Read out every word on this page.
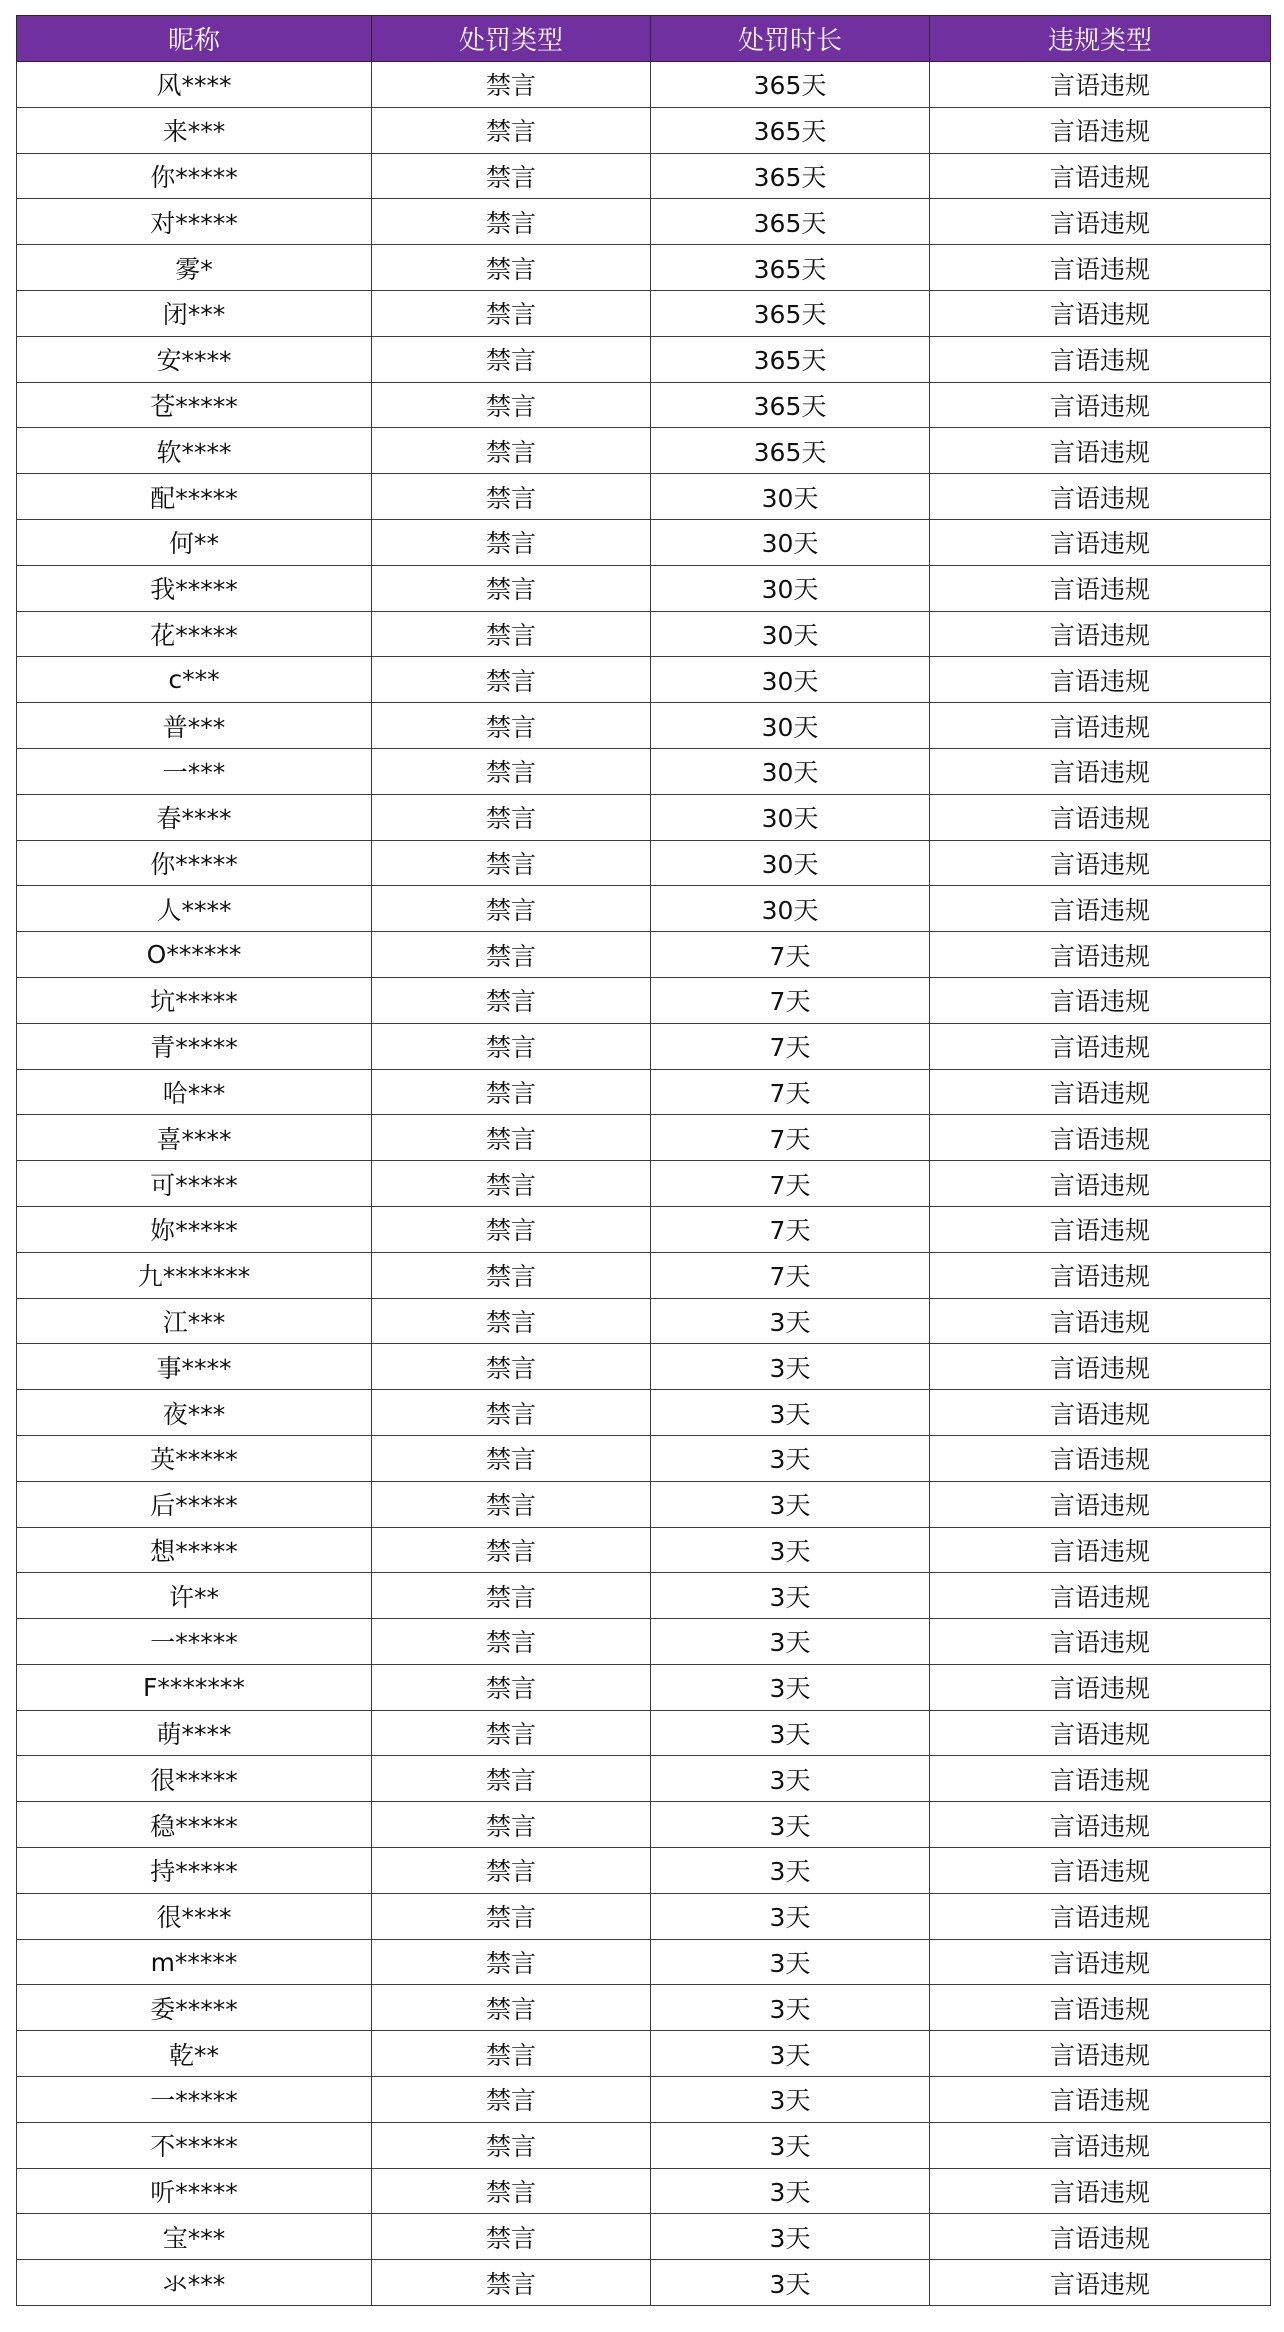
昵称	处罚类型	处罚时长	违规类型
风****	禁言	365天	言语违规
来***	禁言	365天	言语违规
你*****	禁言	365天	言语违规
对*****	禁言	365天	言语违规
雾*	禁言	365天	言语违规
闭***	禁言	365天	言语违规
安****	禁言	365天	言语违规
苍*****	禁言	365天	言语违规
软****	禁言	365天	言语违规
配*****	禁言	30天	言语违规
何**	禁言	30天	言语违规
我*****	禁言	30天	言语违规
花*****	禁言	30天	言语违规
c***	禁言	30天	言语违规
普***	禁言	30天	言语违规
一***	禁言	30天	言语违规
春****	禁言	30天	言语违规
你*****	禁言	30天	言语违规
人****	禁言	30天	言语违规
O******	禁言	7天	言语违规
坑*****	禁言	7天	言语违规
青*****	禁言	7天	言语违规
哈***	禁言	7天	言语违规
喜****	禁言	7天	言语违规
可*****	禁言	7天	言语违规
妳*****	禁言	7天	言语违规
九*******	禁言	7天	言语违规
江***	禁言	3天	言语违规
事****	禁言	3天	言语违规
夜***	禁言	3天	言语违规
英*****	禁言	3天	言语违规
后*****	禁言	3天	言语违规
想*****	禁言	3天	言语违规
许**	禁言	3天	言语违规
一*****	禁言	3天	言语违规
F*******	禁言	3天	言语违规
萌****	禁言	3天	言语违规
很*****	禁言	3天	言语违规
稳*****	禁言	3天	言语违规
持*****	禁言	3天	言语违规
很****	禁言	3天	言语违规
m*****	禁言	3天	言语违规
委*****	禁言	3天	言语违规
乾**	禁言	3天	言语违规
一*****	禁言	3天	言语违规
不*****	禁言	3天	言语违规
听*****	禁言	3天	言语违规
宝***	禁言	3天	言语违规
氺***	禁言	3天	言语违规
